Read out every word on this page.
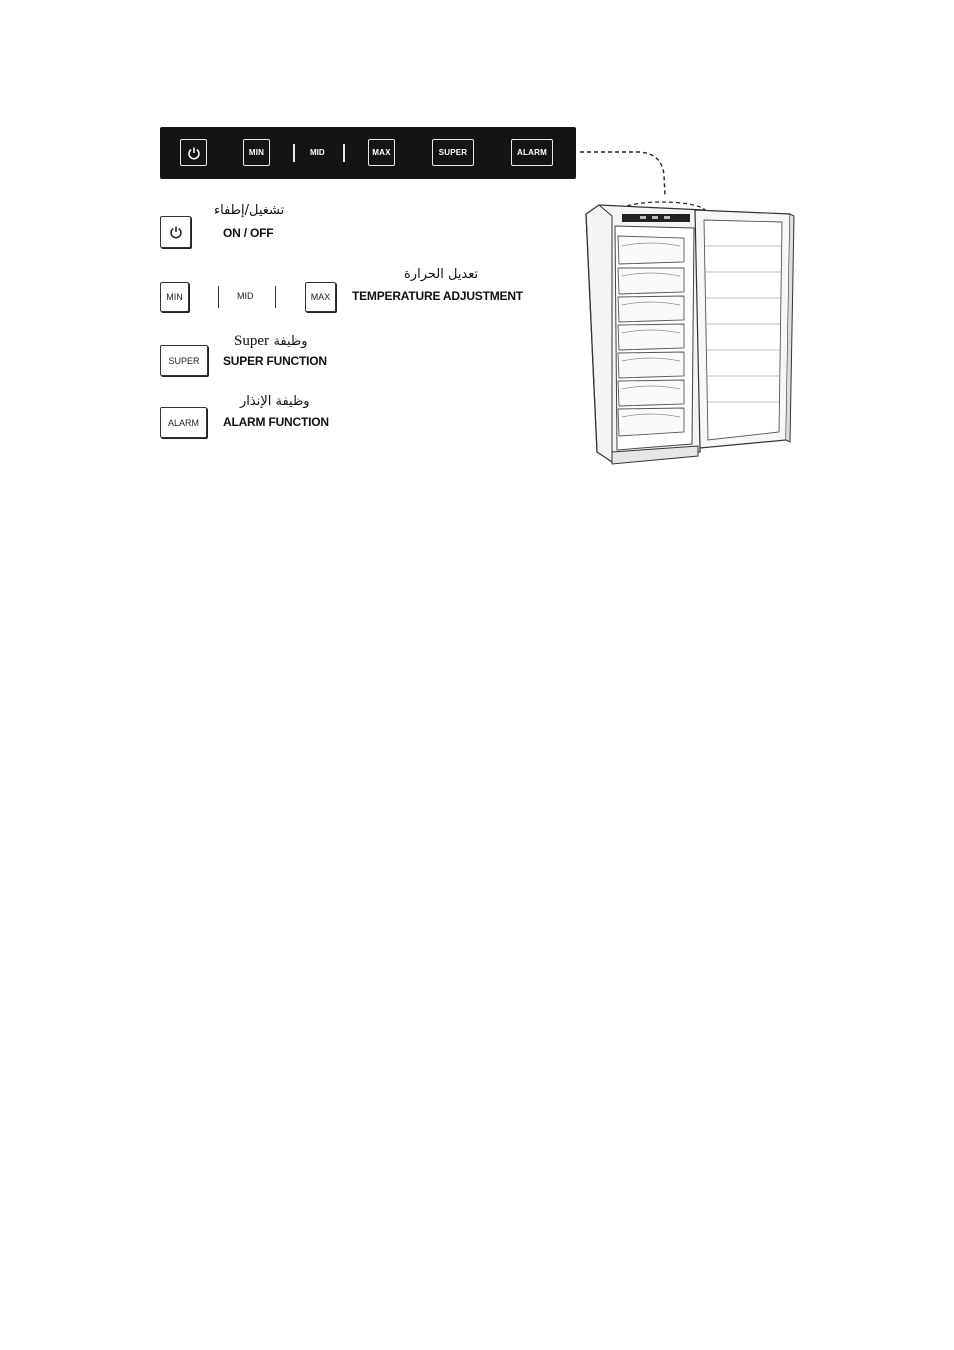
MIN	MID	MAX	SUPER	ALARM
تشغيل/إطفاء
ON / OFF
MIN	MID	MAX
تعديل الحرارة
TEMPERATURE ADJUSTMENT
SUPER
Super وظيفة
SUPER FUNCTION
ALARM
وظيفة الإنذار
ALARM FUNCTION
